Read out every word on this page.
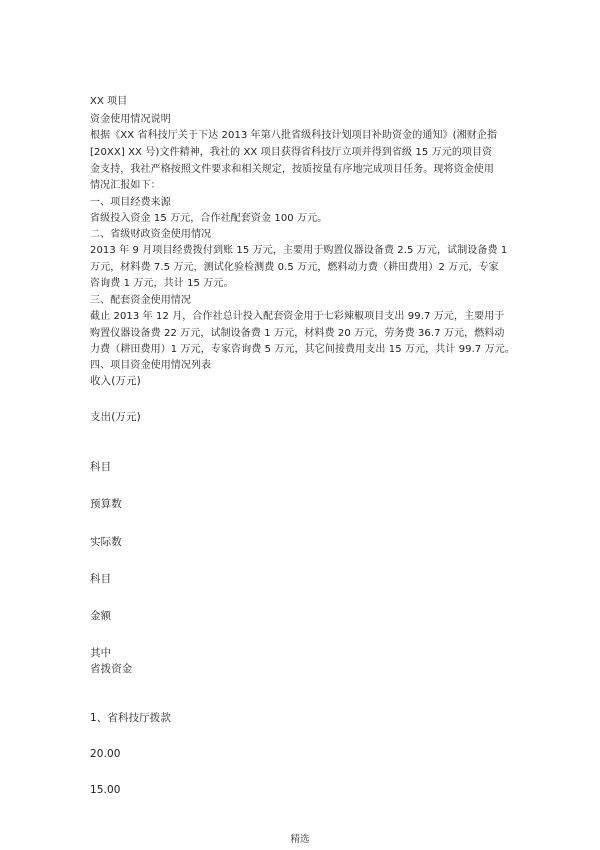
XX 项目
资金使用情况说明
根据《XX 省科技厅关于下达 2013 年第八批省级科技计划项目补助资金的通知》(湘财企指
[20XX] XX 号)文件精神，我社的 XX 项目获得省科技厅立项并得到省级 15 万元的项目资
金支持，我社严格按照文件要求和相关规定，按质按量有序地完成项目任务。现将资金使用
情况汇报如下：
一、项目经费来源
省级投入资金 15 万元，合作社配套资金 100 万元。
二、省级财政资金使用情况
2013 年 9 月项目经费拨付到账 15 万元，主要用于购置仪器设备费 2.5 万元，试制设备费 1
万元，材料费 7.5 万元，测试化验检测费 0.5 万元，燃料动力费（耕田费用）2 万元，专家
咨询费 1 万元，共计 15 万元。
三、配套资金使用情况
截止 2013 年 12 月，合作社总计投入配套资金用于七彩辣椒项目支出 99.7 万元，主要用于
购置仪器设备费 22 万元，试制设备费 1 万元，材料费 20 万元，劳务费 36.7 万元，燃料动
力费（耕田费用）1 万元，专家咨询费 5 万元，其它间接费用支出 15 万元，共计 99.7 万元。
四、项目资金使用情况列表
收入(万元)
支出(万元)
科目
预算数
实际数
科目
金额
其中
省拨资金
1、省科技厅拨款
20.00
15.00
精选
